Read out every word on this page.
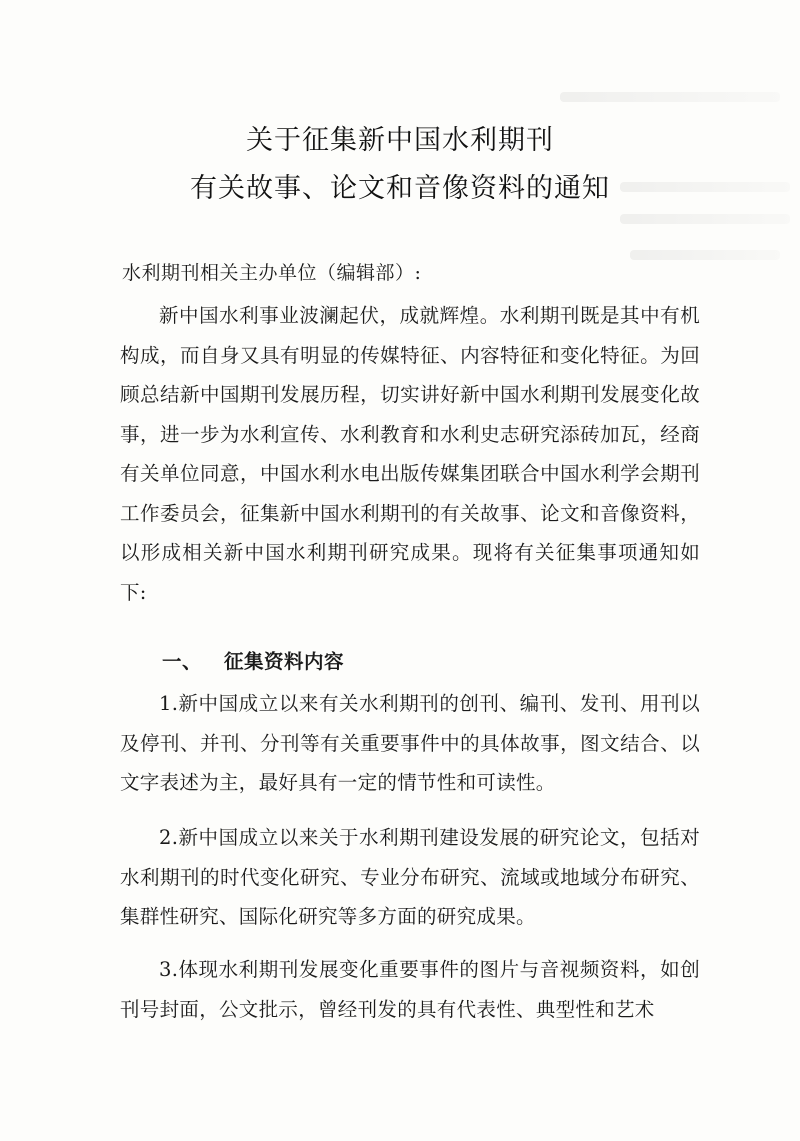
关于征集新中国水利期刊
有关故事、论文和音像资料的通知

水利期刊相关主办单位（编辑部）:

新中国水利事业波澜起伏，成就辉煌。水利期刊既是其中有机构成，而自身又具有明显的传媒特征、内容特征和变化特征。为回顾总结新中国期刊发展历程，切实讲好新中国水利期刊发展变化故事，进一步为水利宣传、水利教育和水利史志研究添砖加瓦，经商有关单位同意，中国水利水电出版传媒集团联合中国水利学会期刊工作委员会，征集新中国水利期刊的有关故事、论文和音像资料，以形成相关新中国水利期刊研究成果。现将有关征集事项通知如下:

一、 征集资料内容

1.新中国成立以来有关水利期刊的创刊、编刊、发刊、用刊以及停刊、并刊、分刊等有关重要事件中的具体故事，图文结合、以文字表述为主，最好具有一定的情节性和可读性。

2.新中国成立以来关于水利期刊建设发展的研究论文，包括对水利期刊的时代变化研究、专业分布研究、流域或地域分布研究、集群性研究、国际化研究等多方面的研究成果。

3.体现水利期刊发展变化重要事件的图片与音视频资料，如创刊号封面，公文批示，曾经刊发的具有代表性、典型性和艺术
